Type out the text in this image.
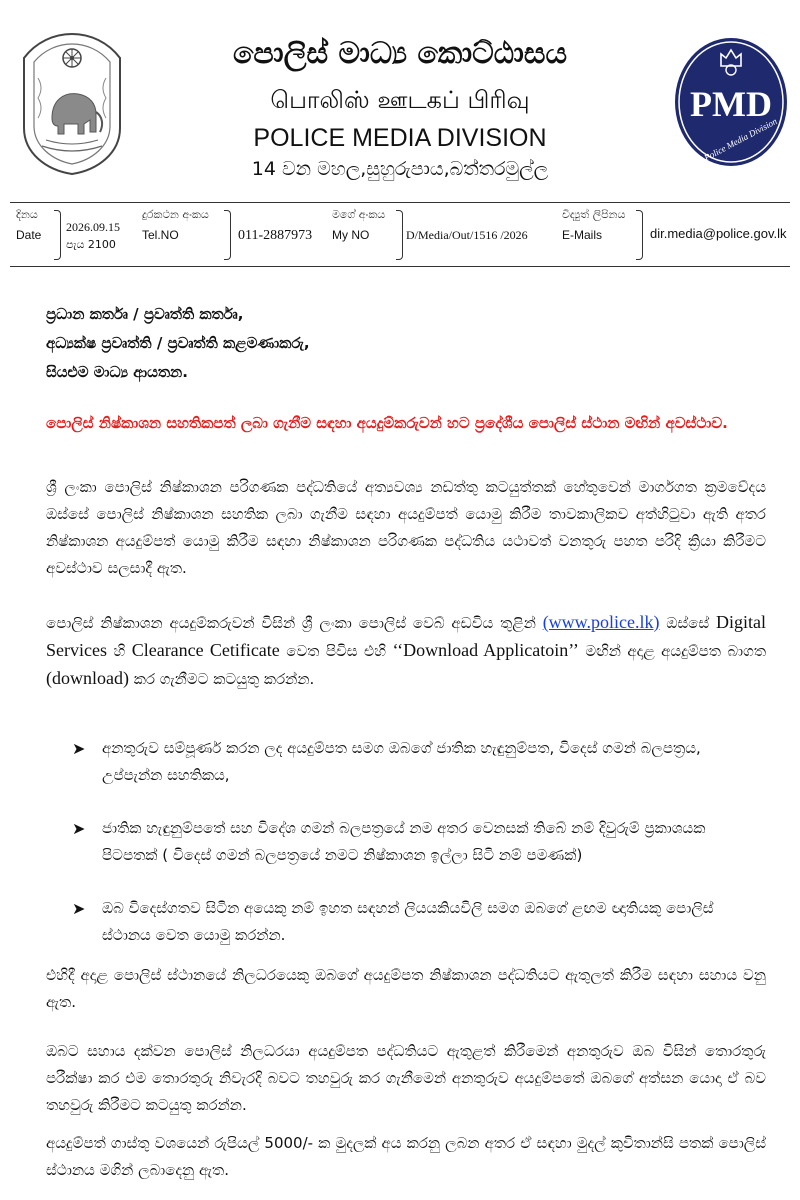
පොලිස් මාධ්‍ය කොට්ඨාසය
பொலிஸ் ஊடகப் பிரிவு
POLICE MEDIA DIVISION
14 වන මහල,සුහුරුපාය,බත්තරමුල්ල
PMD
Police Media Division
දිනය
Date
2026.09.15
පැය 2100
දුරකථන අංකය
Tel.NO	011-2887973
මගේ අංකය
My NO	D/Media/Out/1516 /2026
විද්‍යුත් ලිපිනය
E-Mails	dir.media@police.gov.lk
ප්‍රධාන කර්තෘ / ප්‍රවෘත්ති කර්තෘ,
අධ්‍යක්ෂ ප්‍රවෘත්ති / ප්‍රවෘත්ති කළමණාකරු,
සියළුම මාධ්‍ය ආයතන.
පොලිස් නිෂ්කාශන සහතිකපත් ලබා ගැනීම සඳහා අයදුම්කරුවන් හට ප්‍රදේශීය පොලිස් ස්ථාන මඟින් අවස්ථාව.
ශ්‍රී ලංකා පොලිස් නිෂ්කාශන පරිගණක පද්ධතියේ අත්‍යවශ්‍ය නඩත්තු කටයුත්තක් හේතුවෙන් මාර්ගගත ක්‍රමවේදය ඔස්සේ පොලිස් නිෂ්කාශන සහතික ලබා ගැනීම සඳහා අයදුම්පත් යොමු කිරීම තාවකාලිකව අත්හිටුවා ඇති අතර නිෂ්කාශන අයදුම්පත් යොමු කිරීම සඳහා නිෂ්කාශන පරිගණක පද්ධතිය යථාවත් වනතුරු පහත පරිදි ක්‍රියා කිරීමට අවස්ථාව සලසාදී ඇත.
පොලිස් නිෂ්කාශන අයදුම්කරුවන් විසින් ශ්‍රී ලංකා පොලිස් වෙබ් අඩවිය තුළින් (www.police.lk) ඔස්සේ Digital Services හි Clearance Cetificate වෙත පිවිස එහි ‘‘Download Applicatoin’’ මඟින් අදාළ අයදුම්පත බාගත (download) කර ගැනීමට කටයුතු කරන්න.
➤ අනතුරුව සම්පූර්ණ කරන ලද අයදුම්පත සමග ඔබගේ ජාතික හැඳුනුම්පත, විදෙස් ගමන් බලපත්‍රය, උප්පැන්න සහතිකය,
➤ ජාතික හැඳුනුම්පතේ සහ විදේශ ගමන් බලපත්‍රයේ නම අතර වෙනසක් තිබේ නම් දිවුරුම් ප්‍රකාශයක පිටපතක් ( විදෙස් ගමන් බලපත්‍රයේ නමට නිෂ්කාශන ඉල්ලා සිටි නම් පමණක්)
➤ ඔබ විදෙස්ගතව සිටින අයෙකු නම් ඉහත සඳහන් ලියයකියවිලි සමග ඔබගේ ළඟම ඥාතියකු පොලිස් ස්ථානය වෙත යොමු කරන්න.
එහිදී අදාළ පොලිස් ස්ථානයේ නිලධරයෙකු ඔබගේ අයදුම්පත නිෂ්කාශන පද්ධතියට ඇතුලත් කිරීම සඳහා සහාය වනු ඇත.
ඔබට සහාය දක්වන පොලිස් නිලධරයා අයදුම්පත පද්ධතියට ඇතුළත් කිරීමෙන් අනතුරුව ඔබ විසින් තොරතුරු පරීක්ෂා කර එම තොරතුරු නිවැරදි බවට තහවුරු කර ගැනීමෙන් අනතුරුව අයදුම්පතේ ඔබගේ අත්සන යොදා ඒ බව තහවුරු කිරීමට කටයුතු කරන්න.
අයදුම්පත් ගාස්තු වශයෙන් රුපියල් 5000/- ක මුදලක් අය කරනු ලබන අතර ඒ සඳහා මුදල් කුවිතාන්සි පතක් පොලිස් ස්ථානය මගින් ලබාදෙනු ඇත.
